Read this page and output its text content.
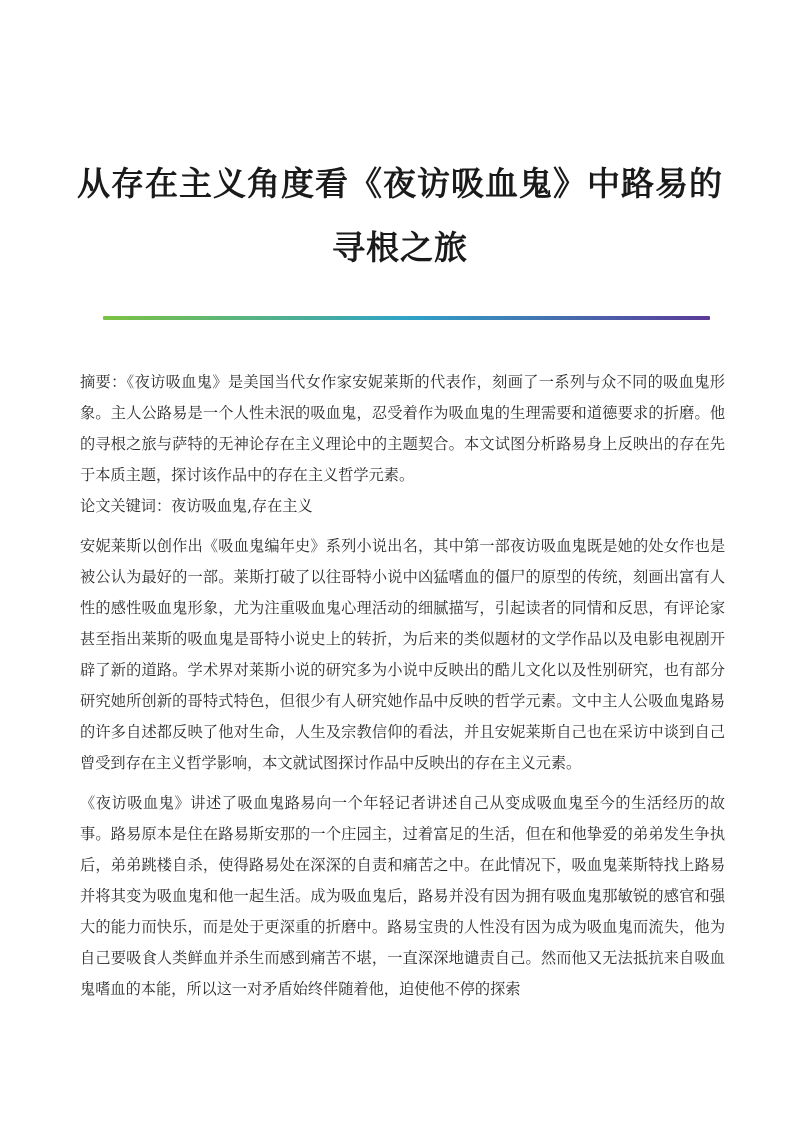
从存在主义角度看《夜访吸血鬼》中路易的
寻根之旅

摘要：《夜访吸血鬼》是美国当代女作家安妮莱斯的代表作，刻画了一系列与众不同的吸血鬼形象。主人公路易是一个人性未泯的吸血鬼，忍受着作为吸血鬼的生理需要和道德要求的折磨。他的寻根之旅与萨特的无神论存在主义理论中的主题契合。本文试图分析路易身上反映出的存在先于本质主题，探讨该作品中的存在主义哲学元素。

论文关键词：夜访吸血鬼,存在主义

安妮莱斯以创作出《吸血鬼编年史》系列小说出名，其中第一部夜访吸血鬼既是她的处女作也是被公认为最好的一部。莱斯打破了以往哥特小说中凶猛嗜血的僵尸的原型的传统，刻画出富有人性的感性吸血鬼形象，尤为注重吸血鬼心理活动的细腻描写，引起读者的同情和反思，有评论家甚至指出莱斯的吸血鬼是哥特小说史上的转折，为后来的类似题材的文学作品以及电影电视剧开辟了新的道路。学术界对莱斯小说的研究多为小说中反映出的酷儿文化以及性别研究，也有部分研究她所创新的哥特式特色，但很少有人研究她作品中反映的哲学元素。文中主人公吸血鬼路易的许多自述都反映了他对生命，人生及宗教信仰的看法，并且安妮莱斯自己也在采访中谈到自己曾受到存在主义哲学影响，本文就试图探讨作品中反映出的存在主义元素。

《夜访吸血鬼》讲述了吸血鬼路易向一个年轻记者讲述自己从变成吸血鬼至今的生活经历的故事。路易原本是住在路易斯安那的一个庄园主，过着富足的生活，但在和他挚爱的弟弟发生争执后，弟弟跳楼自杀，使得路易处在深深的自责和痛苦之中。在此情况下，吸血鬼莱斯特找上路易并将其变为吸血鬼和他一起生活。成为吸血鬼后，路易并没有因为拥有吸血鬼那敏锐的感官和强大的能力而快乐，而是处于更深重的折磨中。路易宝贵的人性没有因为成为吸血鬼而流失，他为自己要吸食人类鲜血并杀生而感到痛苦不堪，一直深深地谴责自己。然而他又无法抵抗来自吸血鬼嗜血的本能，所以这一对矛盾始终伴随着他，迫使他不停的探索
